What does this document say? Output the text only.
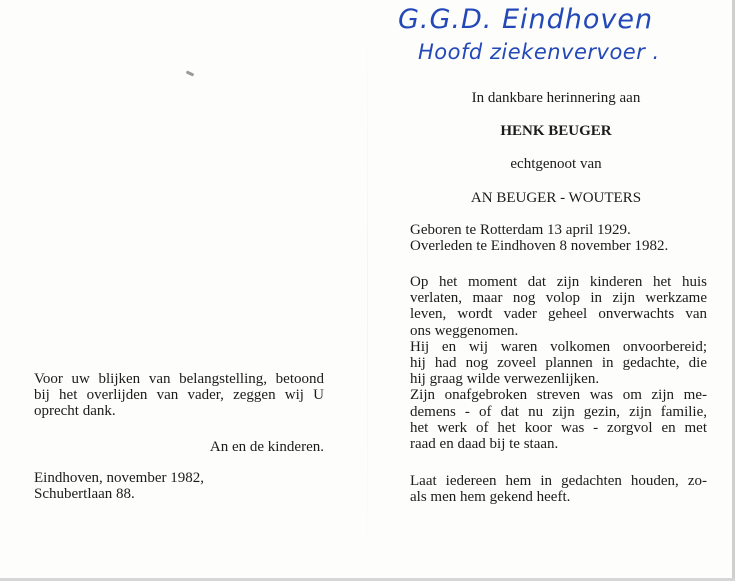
G.G.D. Eindhoven
Hoofd ziekenvervoer .
In dankbare herinnering aan
HENK BEUGER
echtgenoot van
AN BEUGER - WOUTERS
Geboren te Rotterdam 13 april 1929.
Overleden te Eindhoven 8 november 1982.
Op het moment dat zijn kinderen het huis
verlaten, maar nog volop in zijn werkzame
leven, wordt vader geheel onverwachts van
ons weggenomen.
Hij en wij waren volkomen onvoorbereid;
hij had nog zoveel plannen in gedachte, die
hij graag wilde verwezenlijken.
Zijn onafgebroken streven was om zijn me-
demens - of dat nu zijn gezin, zijn familie,
het werk of het koor was - zorgvol en met
raad en daad bij te staan.
Laat iedereen hem in gedachten houden, zo-
als men hem gekend heeft.
Voor uw blijken van belangstelling, betoond
bij het overlijden van vader, zeggen wij U
oprecht dank.
An en de kinderen.
Eindhoven, november 1982,
Schubertlaan 88.
